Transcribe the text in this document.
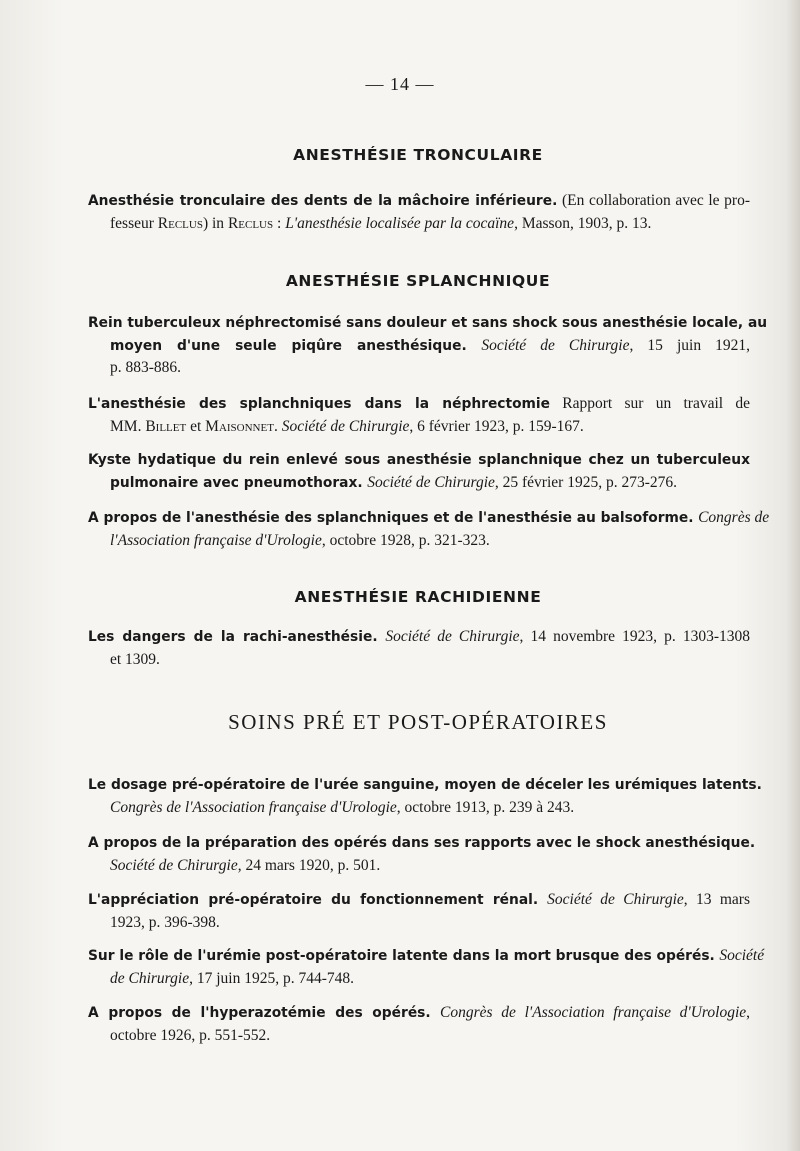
— 14 —
ANESTHÉSIE TRONCULAIRE
Anesthésie tronculaire des dents de la mâchoire inférieure. (En collaboration avec le pro-
fesseur Reclus) in Reclus : L'anesthésie localisée par la cocaïne, Masson, 1903, p. 13.
ANESTHÉSIE SPLANCHNIQUE
Rein tuberculeux néphrectomisé sans douleur et sans shock sous anesthésie locale, au
moyen d'une seule piqûre anesthésique. Société de Chirurgie, 15 juin 1921,
p. 883-886.
L'anesthésie des splanchniques dans la néphrectomie Rapport sur un travail de
MM. Billet et Maisonnet. Société de Chirurgie, 6 février 1923, p. 159-167.
Kyste hydatique du rein enlevé sous anesthésie splanchnique chez un tuberculeux
pulmonaire avec pneumothorax. Société de Chirurgie, 25 février 1925, p. 273-276.
A propos de l'anesthésie des splanchniques et de l'anesthésie au balsoforme. Congrès de
l'Association française d'Urologie, octobre 1928, p. 321-323.
ANESTHÉSIE RACHIDIENNE
Les dangers de la rachi-anesthésie. Société de Chirurgie, 14 novembre 1923, p. 1303-1308
et 1309.
SOINS PRÉ ET POST-OPÉRATOIRES
Le dosage pré-opératoire de l'urée sanguine, moyen de déceler les urémiques latents.
Congrès de l'Association française d'Urologie, octobre 1913, p. 239 à 243.
A propos de la préparation des opérés dans ses rapports avec le shock anesthésique.
Société de Chirurgie, 24 mars 1920, p. 501.
L'appréciation pré-opératoire du fonctionnement rénal. Société de Chirurgie, 13 mars
1923, p. 396-398.
Sur le rôle de l'urémie post-opératoire latente dans la mort brusque des opérés. Société
de Chirurgie, 17 juin 1925, p. 744-748.
A propos de l'hyperazotémie des opérés. Congrès de l'Association française d'Urologie,
octobre 1926, p. 551-552.
